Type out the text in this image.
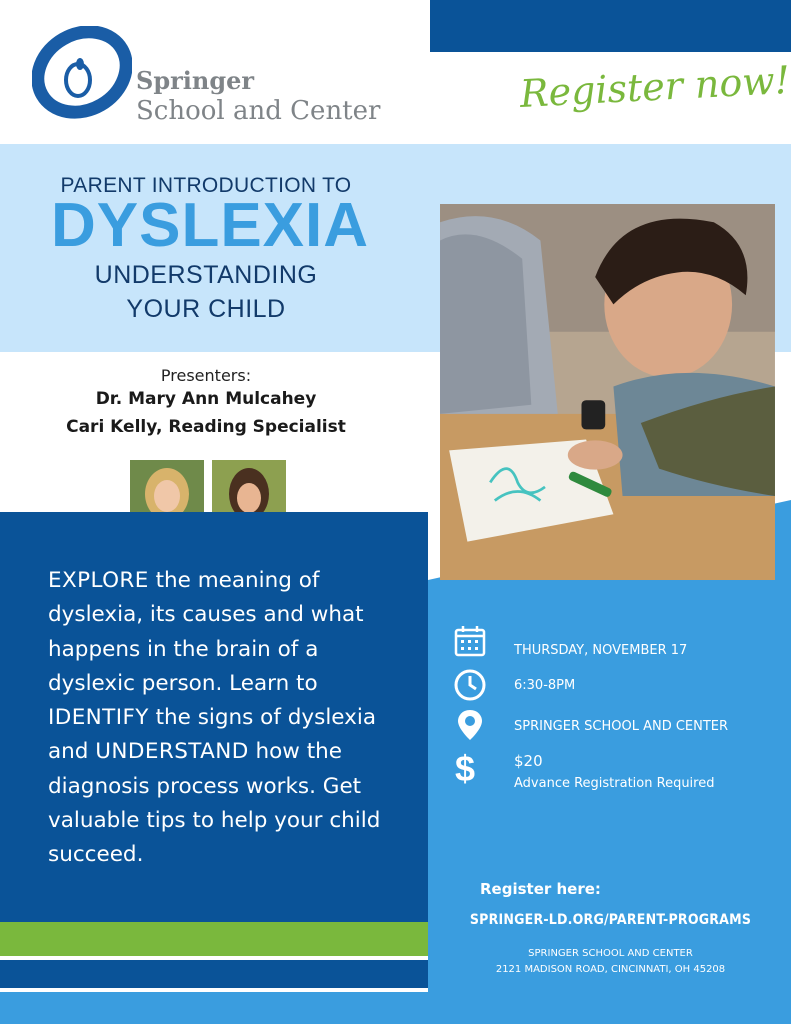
Springer
School and Center	Register now!
PARENT INTRODUCTION TO
DYSLEXIA
UNDERSTANDING
YOUR CHILD
Presenters:
Dr. Mary Ann Mulcahey
Cari Kelly, Reading Specialist
EXPLORE the meaning of dyslexia, its causes and what happens in the brain of a dyslexic person. Learn to IDENTIFY the signs of dyslexia and UNDERSTAND how the diagnosis process works. Get valuable tips to help your child succeed.
THURSDAY, NOVEMBER 17
6:30-8PM
SPRINGER SCHOOL AND CENTER
$	$20
Advance Registration Required
Register here:
SPRINGER-LD.ORG/PARENT-PROGRAMS
SPRINGER SCHOOL AND CENTER
2121 MADISON ROAD, CINCINNATI, OH 45208
